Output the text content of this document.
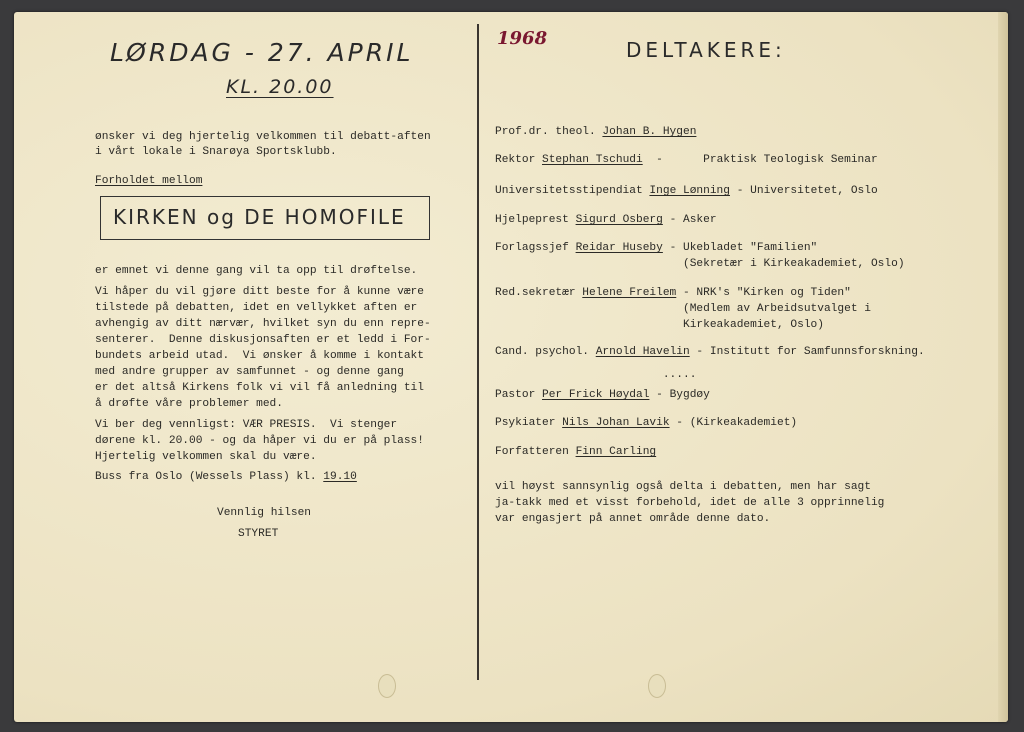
LØRDAG - 27. APRIL
KL. 20.00
ønsker vi deg hjertelig velkommen til debatt-aften
i vårt lokale i Snarøya Sportsklubb.
Forholdet mellom
KIRKEN og DE HOMOFILE
er emnet vi denne gang vil ta opp til drøftelse.
Vi håper du vil gjøre ditt beste for å kunne være
tilstede på debatten, idet en vellykket aften er
avhengig av ditt nærvær, hvilket syn du enn repre-
senterer.  Denne diskusjonsaften er et ledd i For-
bundets arbeid utad.  Vi ønsker å komme i kontakt
med andre grupper av samfunnet - og denne gang
er det altså Kirkens folk vi vil få anledning til
å drøfte våre problemer med.
Vi ber deg vennligst: VÆR PRESIS.  Vi stenger
dørene kl. 20.00 - og da håper vi du er på plass!
Hjertelig velkommen skal du være.
Buss fra Oslo (Wessels Plass) kl. 19.10
Vennlig hilsen
STYRET
1968	DELTAKERE:
Prof.dr. theol. Johan B. Hygen
Rektor Stephan Tschudi  -      Praktisk Teologisk Seminar
Universitetsstipendiat Inge Lønning - Universitetet, Oslo
Hjelpeprest Sigurd Osberg - Asker
Forlagssjef Reidar Huseby - Ukebladet "Familien"
(Sekretær i Kirkeakademiet, Oslo)
Red.sekretær Helene Freilem - NRK's "Kirken og Tiden"
(Medlem av Arbeidsutvalget i
Kirkeakademiet, Oslo)
Cand. psychol. Arnold Havelin - Institutt for Samfunnsforskning.
.....
Pastor Per Frick Høydal - Bygdøy
Psykiater Nils Johan Lavik - (Kirkeakademiet)
Forfatteren Finn Carling
vil høyst sannsynlig også delta i debatten, men har sagt
ja-takk med et visst forbehold, idet de alle 3 opprinnelig
var engasjert på annet område denne dato.
